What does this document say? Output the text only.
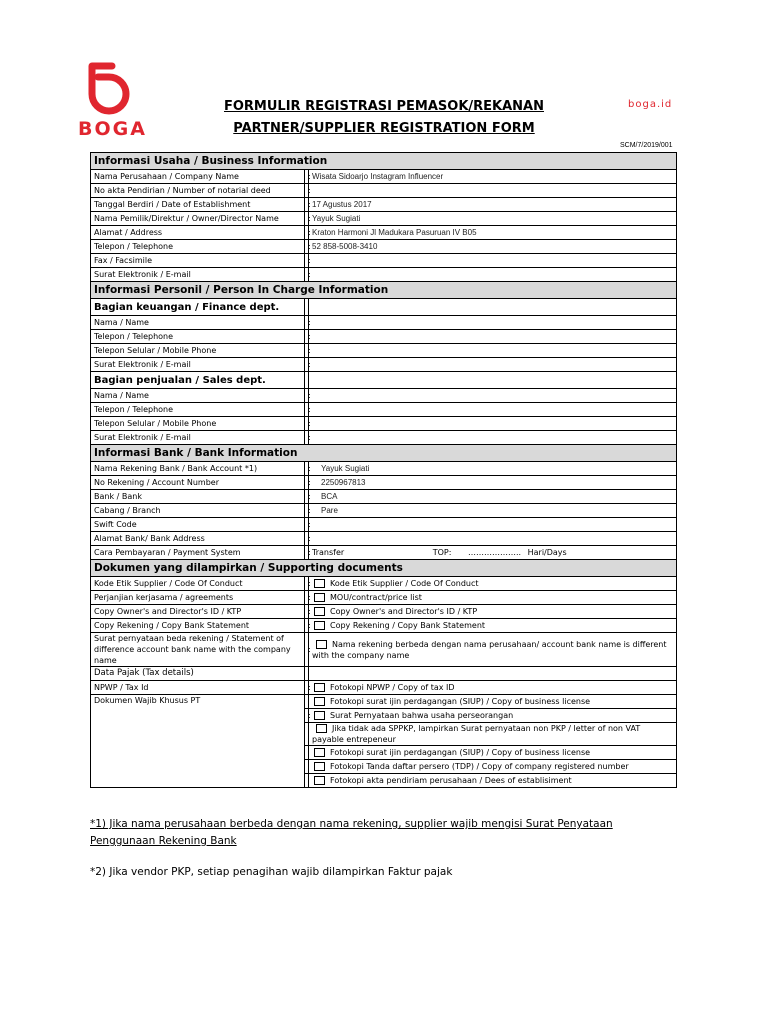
BOGA
boga.id
FORMULIR REGISTRASI PEMASOK/REKANAN
PARTNER/SUPPLIER REGISTRATION FORM
SCM/7/2019/001
Informasi Usaha / Business Information		
Nama Perusahaan / Company Name	:	Wisata Sidoarjo Instagram Influencer
No akta Pendirian / Number of notarial deed	:	
Tanggal Berdiri / Date of Establishment	:	17 Agustus 2017
Nama Pemilik/Direktur / Owner/Director Name	:	Yayuk Sugiati
Alamat / Address	:	Kraton Harmoni Jl Madukara Pasuruan IV B05
Telepon / Telephone	:	52 858-5008-3410
Fax / Facsimile	:	
Surat Elektronik / E-mail	:	
Informasi Personil / Person In Charge Information		
Bagian keuangan / Finance dept.		
Nama / Name	:	
Telepon / Telephone	:	
Telepon Selular / Mobile Phone	:	
Surat Elektronik / E-mail	:	
Bagian penjualan / Sales dept.		
Nama / Name	:	
Telepon / Telephone	:	
Telepon Selular / Mobile Phone	:	
Surat Elektronik / E-mail	:	
Informasi Bank / Bank Information		
Nama Rekening Bank / Bank Account *1)	:	Yayuk Sugiati
No Rekening / Account Number	:	2250967813
Bank / Bank	:	BCA
Cabang / Branch	:	Pare
Swift Code	:	
Alamat Bank/ Bank Address	:	
Cara Pembayaran / Payment System	:	Transfer TOP: ……………….. Hari/Days
Dokumen yang dilampirkan / Supporting documents		
Kode Etik Supplier / Code Of Conduct	:	Kode Etik Supplier / Code Of Conduct
Perjanjian kerjasama / agreements	:	MOU/contract/price list
Copy Owner's and Director's ID / KTP	:	Copy Owner's and Director's ID / KTP
Copy Rekening / Copy Bank Statement	:	Copy Rekening / Copy Bank Statement
Surat pernyataan beda rekening / Statement of difference account bank name with the company name	:	Nama rekening berbeda dengan nama perusahaan/ account bank name is different with the company name
Data Pajak (Tax details)		
NPWP / Tax Id	:	Fotokopi NPWP / Copy of tax ID
Dokumen Wajib Khusus PT		Fotokopi surat ijin perdagangan (SIUP) / Copy of business license
	:	Surat Pernyataan bahwa usaha perseorangan
		Jika tidak ada SPPKP, lampirkan Surat pernyataan non PKP / letter of non VAT payable entrepeneur
		Fotokopi surat ijin perdagangan (SIUP) / Copy of business license
		Fotokopi Tanda daftar persero (TDP) / Copy of company registered number
		Fotokopi akta pendiriam perusahaan / Dees of establisiment
*1) Jika nama perusahaan berbeda dengan nama rekening, supplier wajib mengisi Surat Penyataan Penggunaan Rekening Bank
*2) Jika vendor PKP, setiap penagihan wajib dilampirkan Faktur pajak
